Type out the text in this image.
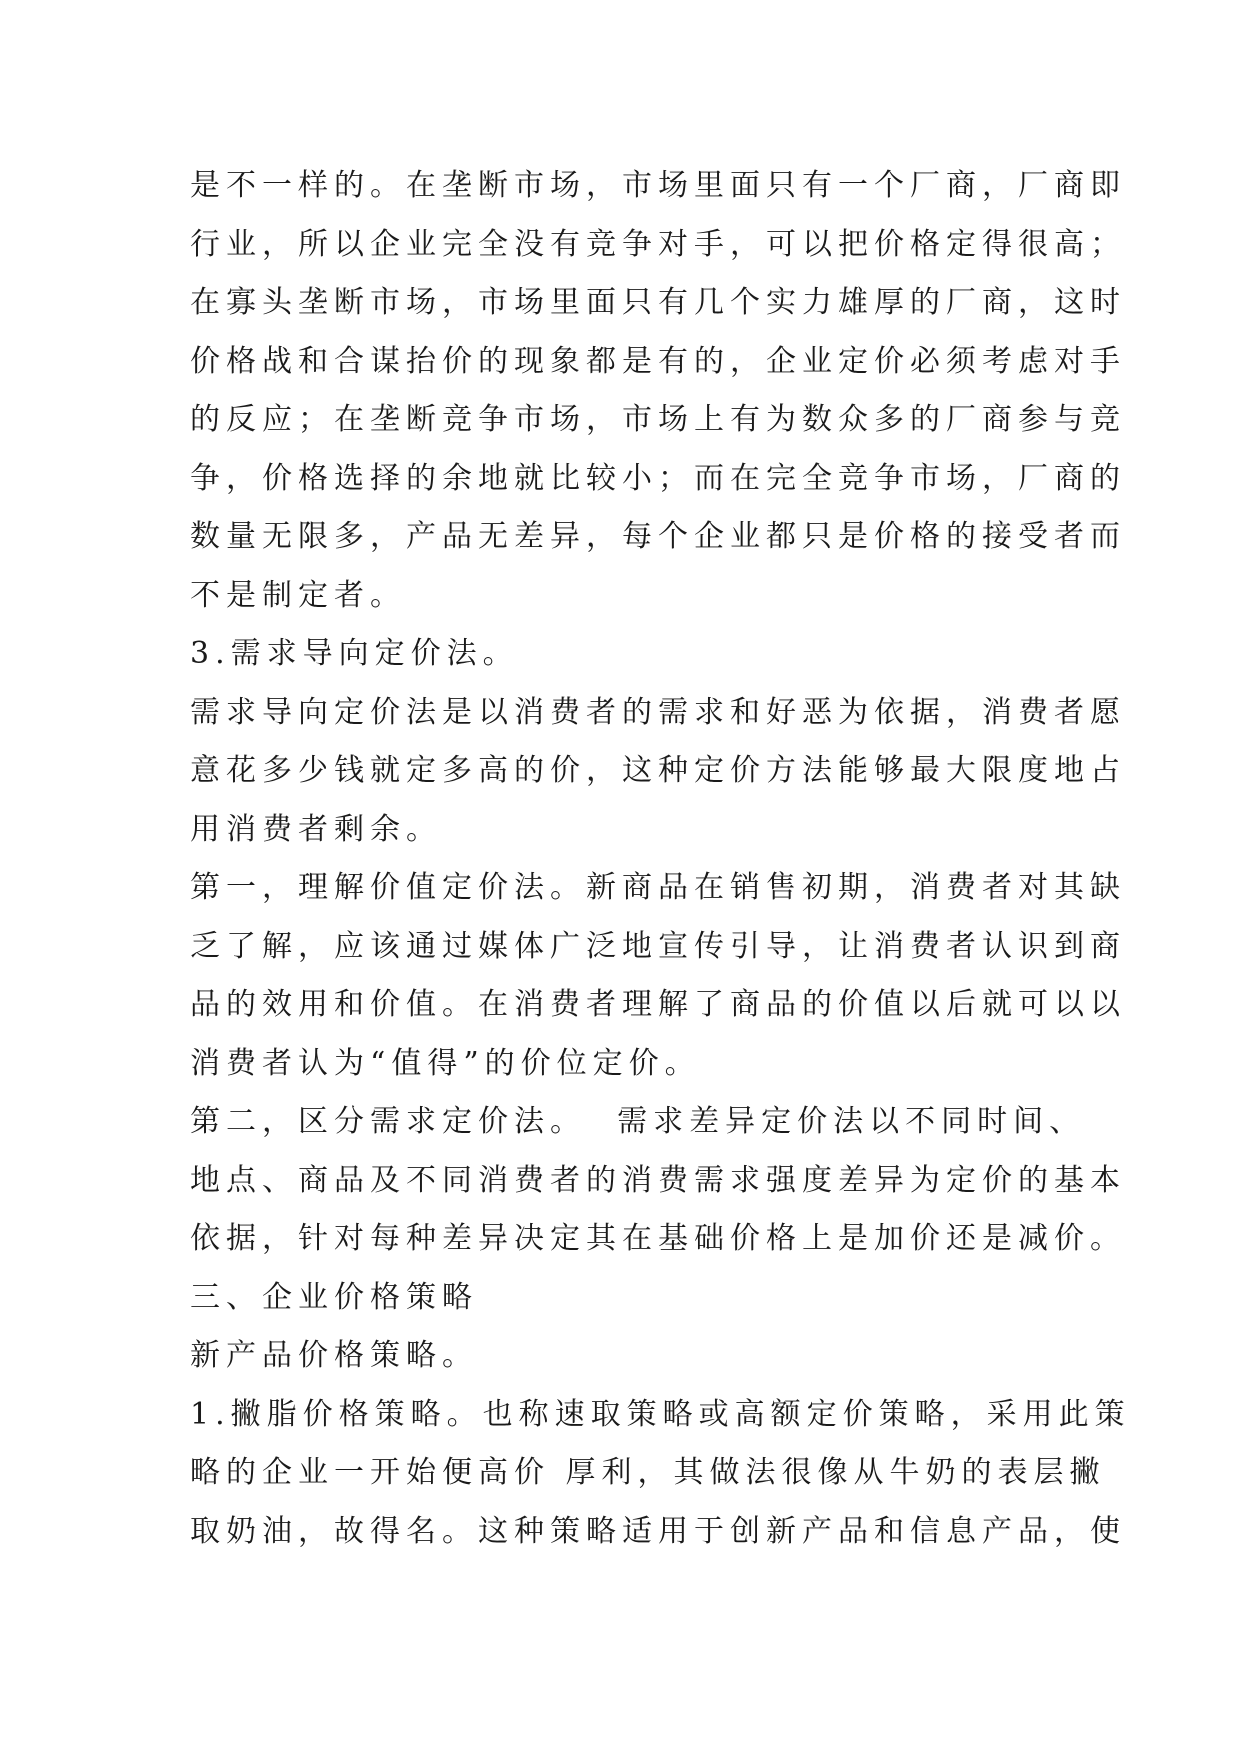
是不一样的。在垄断市场，市场里面只有一个厂商，厂商即
行业，所以企业完全没有竞争对手，可以把价格定得很高；
在寡头垄断市场，市场里面只有几个实力雄厚的厂商，这时
价格战和合谋抬价的现象都是有的，企业定价必须考虑对手
的反应；在垄断竞争市场，市场上有为数众多的厂商参与竞
争，价格选择的余地就比较小；而在完全竞争市场，厂商的
数量无限多，产品无差异，每个企业都只是价格的接受者而
不是制定者。
3.需求导向定价法。
需求导向定价法是以消费者的需求和好恶为依据，消费者愿
意花多少钱就定多高的价，这种定价方法能够最大限度地占
用消费者剩余。
第一，理解价值定价法。新商品在销售初期，消费者对其缺
乏了解，应该通过媒体广泛地宣传引导，让消费者认识到商
品的效用和价值。在消费者理解了商品的价值以后就可以以
消费者认为“值得”的价位定价。
第二，区分需求定价法。  需求差异定价法以不同时间、
地点、商品及不同消费者的消费需求强度差异为定价的基本
依据，针对每种差异决定其在基础价格上是加价还是减价。
三、企业价格策略
新产品价格策略。
1.撇脂价格策略。也称速取策略或高额定价策略，采用此策
略的企业一开始便高价 厚利，其做法很像从牛奶的表层撇
取奶油，故得名。这种策略适用于创新产品和信息产品，使
